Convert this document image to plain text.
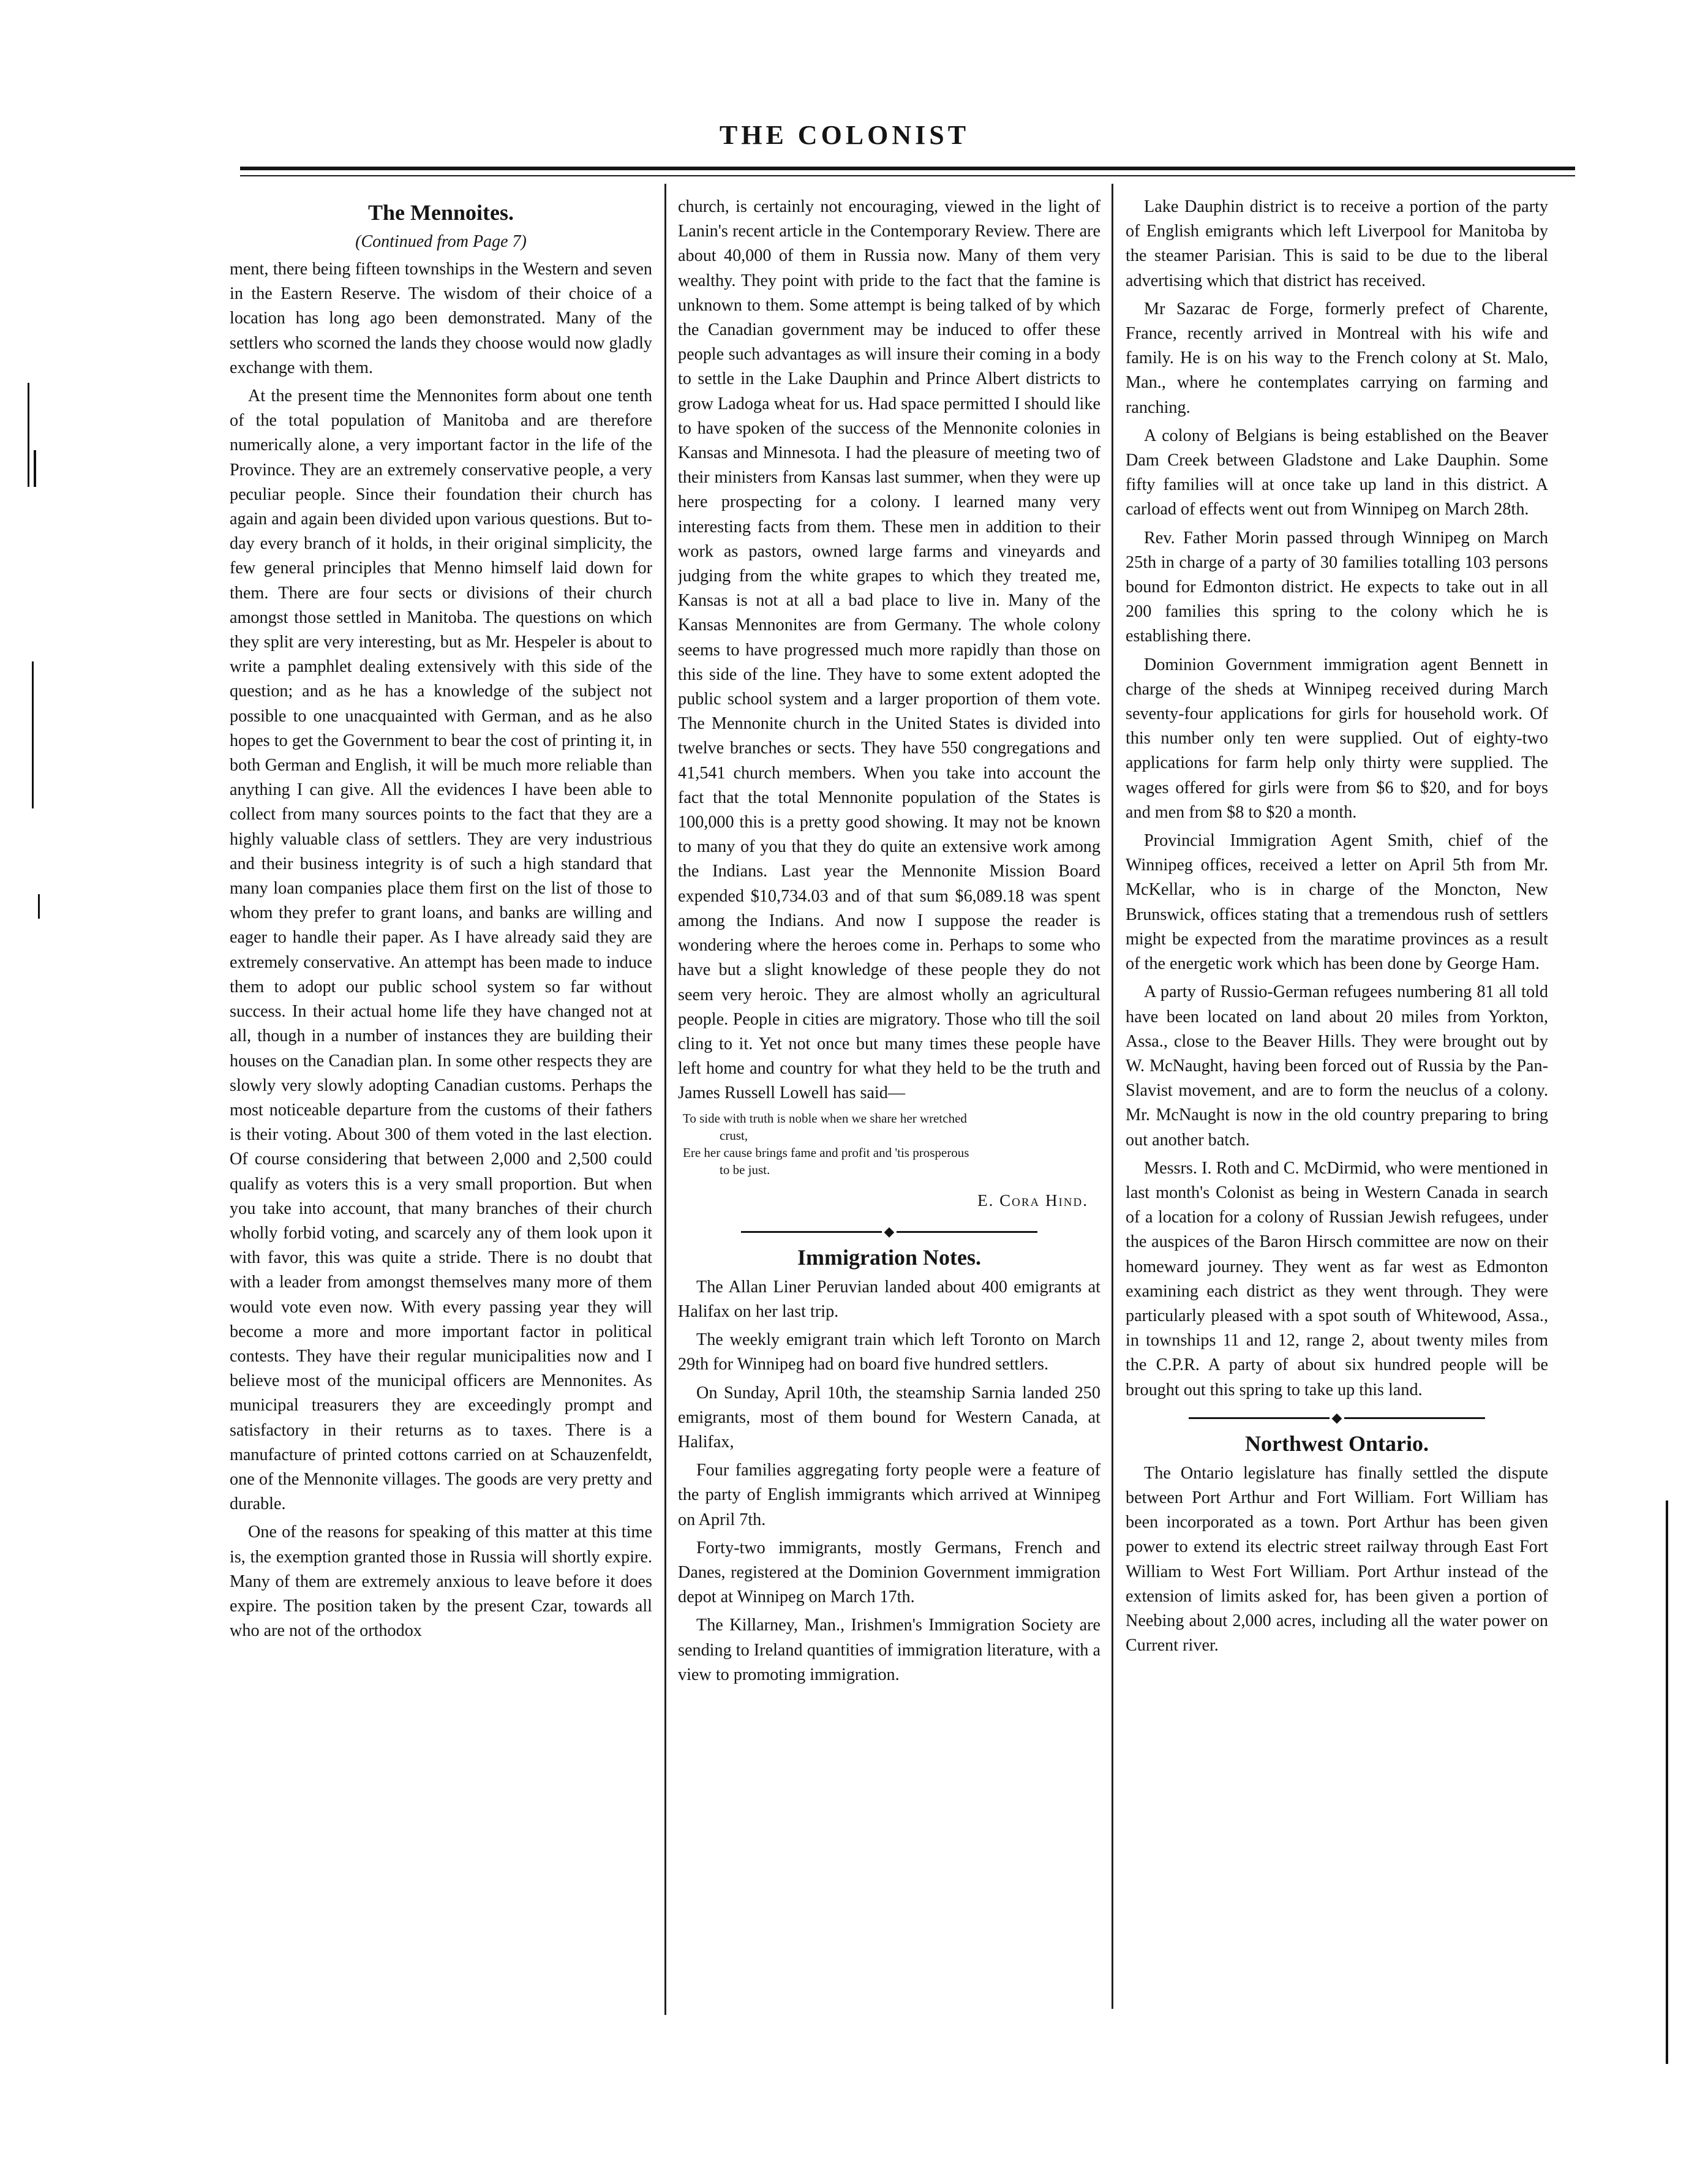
THE COLONIST
The Mennoites.
(Continued from Page 7)

ment, there being fifteen townships in the Western and seven in the Eastern Reserve. The wisdom of their choice of a location has long ago been demonstrated. Many of the settlers who scorned the lands they choose would now gladly exchange with them.

At the present time the Mennonites form about one tenth of the total population of Manitoba and are therefore numerically alone, a very important factor in the life of the Province. They are an extremely conservative people, a very peculiar people. Since their foundation their church has again and again been divided upon various questions. But to-day every branch of it holds, in their original simplicity, the few general principles that Menno himself laid down for them. There are four sects or divisions of their church amongst those settled in Manitoba. The questions on which they split are very interesting, but as Mr. Hespeler is about to write a pamphlet dealing extensively with this side of the question; and as he has a knowledge of the subject not possible to one unacquainted with German, and as he also hopes to get the Government to bear the cost of printing it, in both German and English, it will be much more reliable than anything I can give. All the evidences I have been able to collect from many sources points to the fact that they are a highly valuable class of settlers. They are very industrious and their business integrity is of such a high standard that many loan companies place them first on the list of those to whom they prefer to grant loans, and banks are willing and eager to handle their paper. As I have already said they are extremely conservative. An attempt has been made to induce them to adopt our public school system so far without success. In their actual home life they have changed not at all, though in a number of instances they are building their houses on the Canadian plan. In some other respects they are slowly very slowly adopting Canadian customs. Perhaps the most noticeable departure from the customs of their fathers is their voting. About 300 of them voted in the last election. Of course considering that between 2,000 and 2,500 could qualify as voters this is a very small proportion. But when you take into account, that many branches of their church wholly forbid voting, and scarcely any of them look upon it with favor, this was quite a stride. There is no doubt that with a leader from amongst themselves many more of them would vote even now. With every passing year they will become a more and more important factor in political contests. They have their regular municipalities now and I believe most of the municipal officers are Mennonites. As municipal treasurers they are exceedingly prompt and satisfactory in their returns as to taxes. There is a manufacture of printed cottons carried on at Schauzenfeldt, one of the Mennonite villages. The goods are very pretty and durable.

One of the reasons for speaking of this matter at this time is, the exemption granted those in Russia will shortly expire. Many of them are extremely anxious to leave before it does expire. The position taken by the present Czar, towards all who are not of the orthodox

church, is certainly not encouraging, viewed in the light of Lanin's recent article in the Contemporary Review. There are about 40,000 of them in Russia now. Many of them very wealthy. They point with pride to the fact that the famine is unknown to them. Some attempt is being talked of by which the Canadian government may be induced to offer these people such advantages as will insure their coming in a body to settle in the Lake Dauphin and Prince Albert districts to grow Ladoga wheat for us. Had space permitted I should like to have spoken of the success of the Mennonite colonies in Kansas and Minnesota. I had the pleasure of meeting two of their ministers from Kansas last summer, when they were up here prospecting for a colony. I learned many very interesting facts from them. These men in addition to their work as pastors, owned large farms and vineyards and judging from the white grapes to which they treated me, Kansas is not at all a bad place to live in. Many of the Kansas Mennonites are from Germany. The whole colony seems to have progressed much more rapidly than those on this side of the line. They have to some extent adopted the public school system and a larger proportion of them vote. The Mennonite church in the United States is divided into twelve branches or sects. They have 550 congregations and 41,541 church members. When you take into account the fact that the total Mennonite population of the States is 100,000 this is a pretty good showing. It may not be known to many of you that they do quite an extensive work among the Indians. Last year the Mennonite Mission Board expended $10,734.03 and of that sum $6,089.18 was spent among the Indians. And now I suppose the reader is wondering where the heroes come in. Perhaps to some who have but a slight knowledge of these people they do not seem very heroic. They are almost wholly an agricultural people. People in cities are migratory. Those who till the soil cling to it. Yet not once but many times these people have left home and country for what they held to be the truth and James Russell Lowell has said—

To side with truth is noble when we share her wretched
crust,
Ere her cause brings fame and profit and 'tis prosperous
to be just.
E. Cora Hind.
◆
Immigration Notes.

The Allan Liner Peruvian landed about 400 emigrants at Halifax on her last trip.

The weekly emigrant train which left Toronto on March 29th for Winnipeg had on board five hundred settlers.

On Sunday, April 10th, the steamship Sarnia landed 250 emigrants, most of them bound for Western Canada, at Halifax,

Four families aggregating forty people were a feature of the party of English immigrants which arrived at Winnipeg on April 7th.

Forty-two immigrants, mostly Germans, French and Danes, registered at the Dominion Government immigration depot at Winnipeg on March 17th.

The Killarney, Man., Irishmen's Immigration Society are sending to Ireland quantities of immigration literature, with a view to promoting immigration.

Lake Dauphin district is to receive a portion of the party of English emigrants which left Liverpool for Manitoba by the steamer Parisian. This is said to be due to the liberal advertising which that district has received.

Mr Sazarac de Forge, formerly prefect of Charente, France, recently arrived in Montreal with his wife and family. He is on his way to the French colony at St. Malo, Man., where he contemplates carrying on farming and ranching.

A colony of Belgians is being established on the Beaver Dam Creek between Gladstone and Lake Dauphin. Some fifty families will at once take up land in this district. A carload of effects went out from Winnipeg on March 28th.

Rev. Father Morin passed through Winnipeg on March 25th in charge of a party of 30 families totalling 103 persons bound for Edmonton district. He expects to take out in all 200 families this spring to the colony which he is establishing there.

Dominion Government immigration agent Bennett in charge of the sheds at Winnipeg received during March seventy-four applications for girls for household work. Of this number only ten were supplied. Out of eighty-two applications for farm help only thirty were supplied. The wages offered for girls were from $6 to $20, and for boys and men from $8 to $20 a month.

Provincial Immigration Agent Smith, chief of the Winnipeg offices, received a letter on April 5th from Mr. McKellar, who is in charge of the Moncton, New Brunswick, offices stating that a tremendous rush of settlers might be expected from the maratime provinces as a result of the energetic work which has been done by George Ham.

A party of Russio-German refugees numbering 81 all told have been located on land about 20 miles from Yorkton, Assa., close to the Beaver Hills. They were brought out by W. McNaught, having been forced out of Russia by the Pan-Slavist movement, and are to form the neuclus of a colony. Mr. McNaught is now in the old country preparing to bring out another batch.

Messrs. I. Roth and C. McDirmid, who were mentioned in last month's Colonist as being in Western Canada in search of a location for a colony of Russian Jewish refugees, under the auspices of the Baron Hirsch committee are now on their homeward journey. They went as far west as Edmonton examining each district as they went through. They were particularly pleased with a spot south of Whitewood, Assa., in townships 11 and 12, range 2, about twenty miles from the C.P.R. A party of about six hundred people will be brought out this spring to take up this land.

◆
Northwest Ontario.

The Ontario legislature has finally settled the dispute between Port Arthur and Fort William. Fort William has been incorporated as a town. Port Arthur has been given power to extend its electric street railway through East Fort William to West Fort William. Port Arthur instead of the extension of limits asked for, has been given a portion of Neebing about 2,000 acres, including all the water power on Current river.
